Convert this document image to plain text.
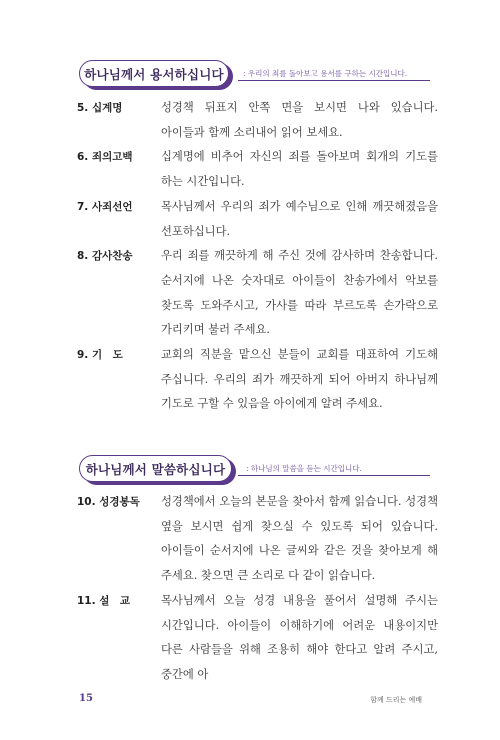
하나님께서 용서하십니다	: 우리의 죄를 돌아보고 용서를 구하는 시간입니다.
5. 십계명	성경책 뒤표지 안쪽 면을 보시면 나와 있습니다. 아이들과 함께 소리내어 읽어 보세요.
6. 죄의고백	십계명에 비추어 자신의 죄를 돌아보며 회개의 기도를 하는 시간입니다.
7. 사죄선언	목사님께서 우리의 죄가 예수님으로 인해 깨끗해졌음을 선포하십니다.
8. 감사찬송	우리 죄를 깨끗하게 해 주신 것에 감사하며 찬송합니다. 순서지에 나온 숫자대로 아이들이 찬송가에서 악보를 찾도록 도와주시고, 가사를 따라 부르도록 손가락으로 가리키며 불러 주세요.
9. 기　도	교회의 직분을 맡으신 분들이 교회를 대표하여 기도해 주십니다. 우리의 죄가 깨끗하게 되어 아버지 하나님께 기도로 구할 수 있음을 아이에게 알려 주세요.
하나님께서 말씀하십니다	: 하나님의 말씀을 듣는 시간입니다.
10. 성경봉독 성경책에서 오늘의 본문을 찾아서 함께 읽습니다. 성경책 옆을 보시면 쉽게 찾으실 수 있도록 되어 있습니다. 아이들이 순서지에 나온 글씨와 같은 것을 찾아보게 해 주세요. 찾으면 큰 소리로 다 같이 읽습니다.
11. 설　교	목사님께서 오늘 성경 내용을 풀어서 설명해 주시는 시간입니다. 아이들이 이해하기에 어려운 내용이지만 다른 사람들을 위해 조용히 해야 한다고 알려 주시고, 중간에 아
15	함께 드리는 예배
